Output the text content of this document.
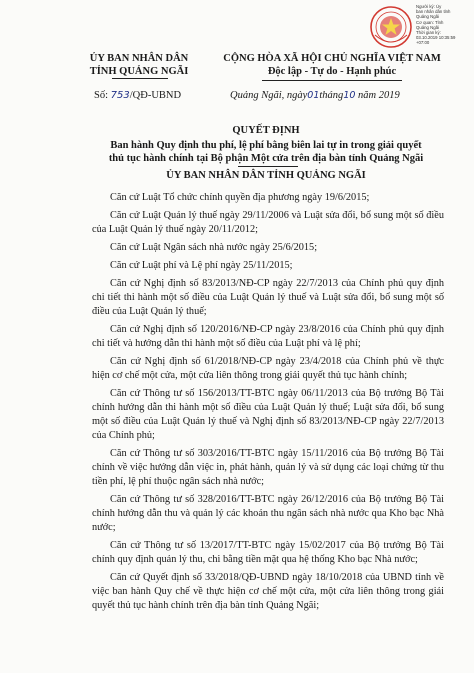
Người ký: Ủy
ban nhân dân tỉnh
Quảng Ngãi
Cơ quan: Tỉnh
Quảng Ngãi
Thời gian ký:
03.10.2019 10:35:59
+07:00
ỦY BAN NHÂN DÂN
TỈNH QUẢNG NGÃI
CỘNG HÒA XÃ HỘI CHỦ NGHĨA VIỆT NAM
Độc lập - Tự do - Hạnh phúc
Số: 753/QĐ-UBND	Quảng Ngãi, ngày01tháng10 năm 2019
QUYẾT ĐỊNH
Ban hành Quy định thu phí, lệ phí bằng biên lai tự in trong giải quyết
thủ tục hành chính tại Bộ phận Một cửa trên địa bàn tỉnh Quảng Ngãi
ỦY BAN NHÂN DÂN TỈNH QUẢNG NGÃI

Căn cứ Luật Tổ chức chính quyền địa phương ngày 19/6/2015;

Căn cứ Luật Quản lý thuế ngày 29/11/2006 và Luật sửa đổi, bổ sung một số điều của Luật Quản lý thuế ngày 20/11/2012;

Căn cứ Luật Ngân sách nhà nước ngày 25/6/2015;

Căn cứ Luật phí và Lệ phí ngày 25/11/2015;

Căn cứ Nghị định số 83/2013/NĐ-CP ngày 22/7/2013 của Chính phủ quy định chi tiết thi hành một số điều của Luật Quản lý thuế và Luật sửa đổi, bổ sung một số điều của Luật Quản lý thuế;

Căn cứ Nghị định số 120/2016/NĐ-CP ngày 23/8/2016 của Chính phủ quy định chi tiết và hướng dẫn thi hành một số điều của Luật phí và lệ phí;

Căn cứ Nghị định số 61/2018/NĐ-CP ngày 23/4/2018 của Chính phủ về thực hiện cơ chế một cửa, một cửa liên thông trong giải quyết thủ tục hành chính;

Căn cứ Thông tư số 156/2013/TT-BTC ngày 06/11/2013 của Bộ trưởng Bộ Tài chính hướng dẫn thi hành một số điều của Luật Quản lý thuế; Luật sửa đổi, bổ sung một số điều của Luật Quản lý thuế và Nghị định số 83/2013/NĐ-CP ngày 22/7/2013 của Chính phủ;

Căn cứ Thông tư số 303/2016/TT-BTC ngày 15/11/2016 của Bộ trưởng Bộ Tài chính về việc hướng dẫn việc in, phát hành, quản lý và sử dụng các loại chứng từ thu tiền phí, lệ phí thuộc ngân sách nhà nước;

Căn cứ Thông tư số 328/2016/TT-BTC ngày 26/12/2016 của Bộ trưởng Bộ Tài chính hướng dẫn thu và quản lý các khoản thu ngân sách nhà nước qua Kho bạc Nhà nước;

Căn cứ Thông tư số 13/2017/TT-BTC ngày 15/02/2017 của Bộ trưởng Bộ Tài chính quy định quản lý thu, chi bằng tiền mặt qua hệ thống Kho bạc Nhà nước;

Căn cứ Quyết định số 33/2018/QĐ-UBND ngày 18/10/2018 của UBND tỉnh về việc ban hành Quy chế về thực hiện cơ chế một cửa, một cửa liên thông trong giải quyết thủ tục hành chính trên địa bàn tỉnh Quảng Ngãi;
